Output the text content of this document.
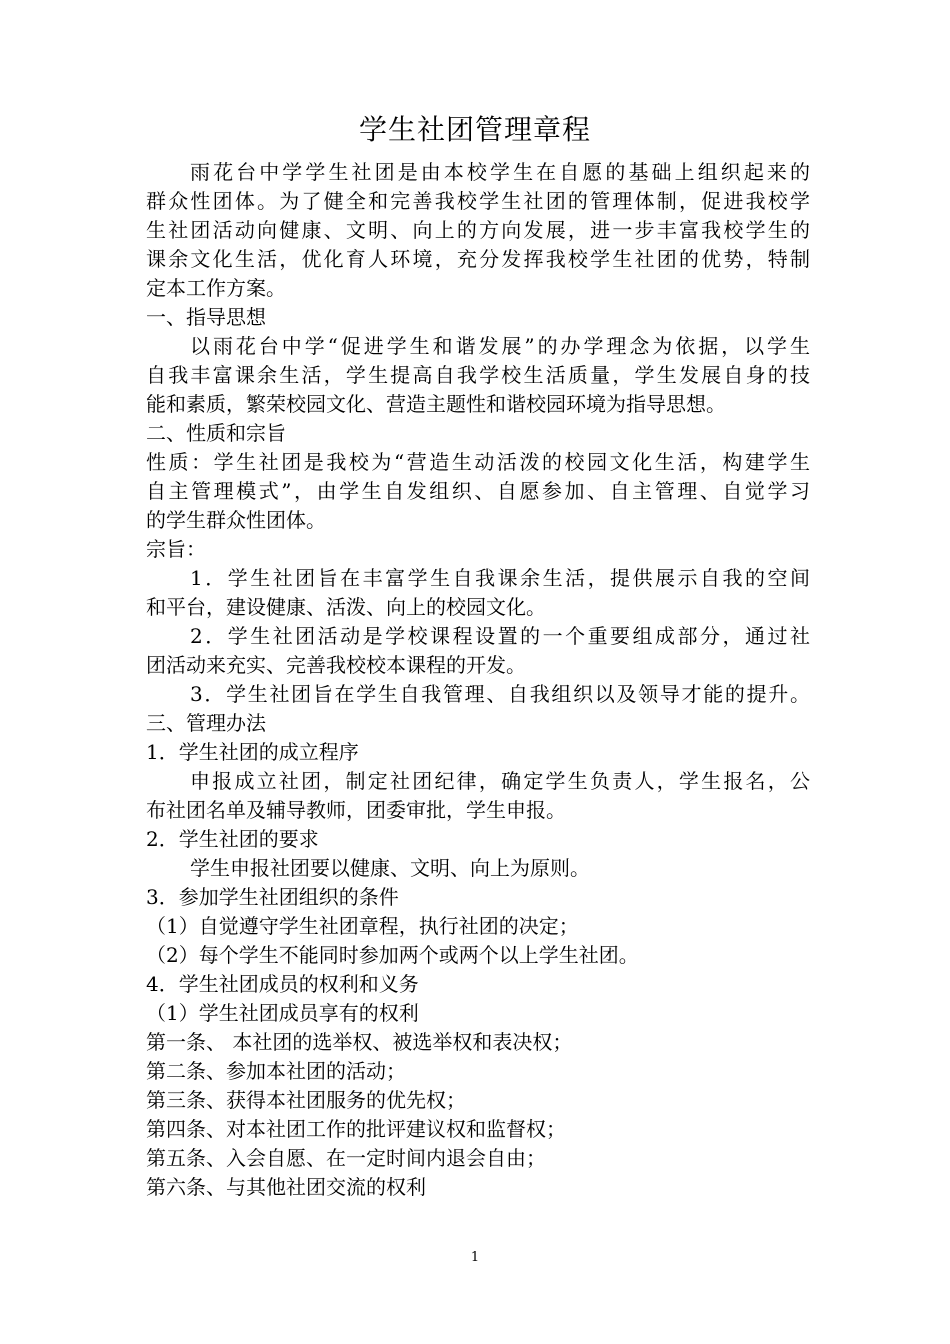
学生社团管理章程
雨花台中学学生社团是由本校学生在自愿的基础上组织起来的
群众性团体。为了健全和完善我校学生社团的管理体制，促进我校学
生社团活动向健康、文明、向上的方向发展，进一步丰富我校学生的
课余文化生活，优化育人环境，充分发挥我校学生社团的优势，特制
定本工作方案。
一、指导思想
以雨花台中学“促进学生和谐发展”的办学理念为依据，以学生
自我丰富课余生活，学生提高自我学校生活质量，学生发展自身的技
能和素质，繁荣校园文化、营造主题性和谐校园环境为指导思想。
二、性质和宗旨
性质：学生社团是我校为“营造生动活泼的校园文化生活，构建学生
自主管理模式”，由学生自发组织、自愿参加、自主管理、自觉学习
的学生群众性团体。
宗旨：
1．学生社团旨在丰富学生自我课余生活，提供展示自我的空间
和平台，建设健康、活泼、向上的校园文化。
2．学生社团活动是学校课程设置的一个重要组成部分，通过社
团活动来充实、完善我校校本课程的开发。
3．学生社团旨在学生自我管理、自我组织以及领导才能的提升。
三、管理办法
1．学生社团的成立程序
申报成立社团，制定社团纪律，确定学生负责人，学生报名，公
布社团名单及辅导教师，团委审批，学生申报。
2．学生社团的要求
学生申报社团要以健康、文明、向上为原则。
3．参加学生社团组织的条件
（1）自觉遵守学生社团章程，执行社团的决定；
（2）每个学生不能同时参加两个或两个以上学生社团。
4．学生社团成员的权利和义务
（1）学生社团成员享有的权利
第一条、 本社团的选举权、被选举权和表决权；
第二条、参加本社团的活动；
第三条、获得本社团服务的优先权；
第四条、对本社团工作的批评建议权和监督权；
第五条、入会自愿、在一定时间内退会自由；
第六条、与其他社团交流的权利
1
